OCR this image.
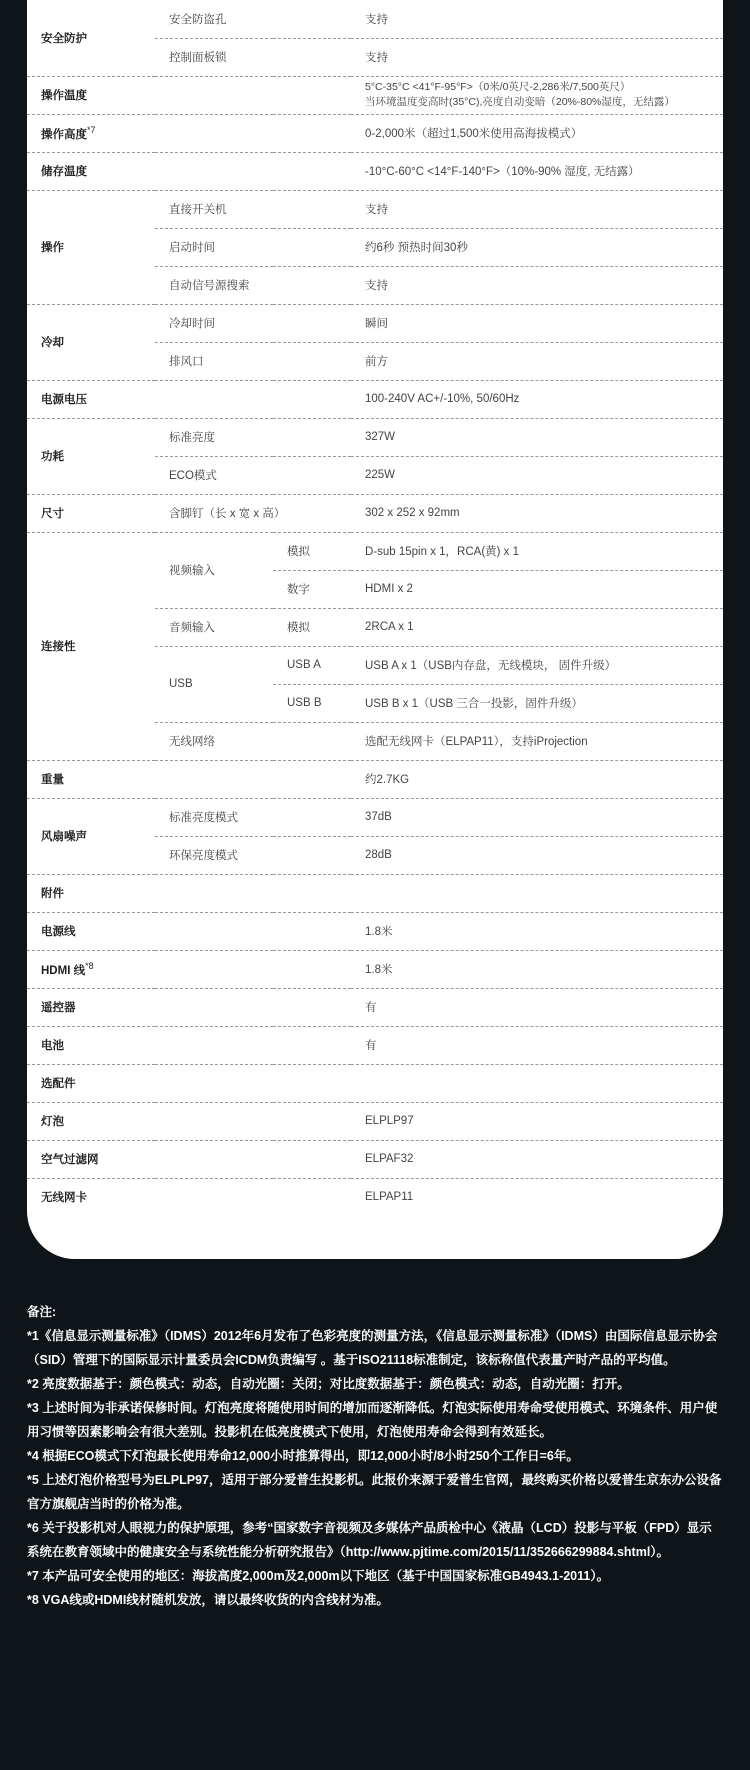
安全防护	安全防盗孔		支持
	控制面板锁		支持
操作温度			5°C-35°C <41°F-95°F>（0米/0英尺-2,286米/7,500英尺）
当环境温度变高时(35°C),亮度自动变暗（20%-80%湿度，无结露）

操作高度$^{*7}$			0-2,000米（超过1,500米使用高海拔模式）
储存温度			-10°C-60°C <14°F-140°F>（10%-90% 湿度, 无结露）
操作	直接开关机		支持
	启动时间		约6秒 预热时间30秒
	自动信号源搜索		支持
冷却	冷却时间		瞬间
	排风口		前方
电源电压			100-240V AC+/-10%, 50/60Hz
功耗	标准亮度		327W
	ECO模式		225W
尺寸	含脚钉（长 x 宽 x 高）		302 x 252 x 92mm
连接性	视频输入	模拟	D-sub 15pin x 1，RCA(黄) x 1
		数字	HDMI x 2
	音频输入	模拟	2RCA x 1
	USB	USB A	USB A x 1（USB内存盘，无线模块， 固件升级）
		USB B	USB B x 1（USB 三合一投影，固件升级）
	无线网络		选配无线网卡（ELPAP11），支持iProjection
重量			约2.7KG
风扇噪声	标准亮度模式		37dB
	环保亮度模式		28dB
附件			
电源线			1.8米
HDMI 线$^{*8}$			1.8米
遥控器			有
电池			有
选配件			
灯泡			ELPLP97
空气过滤网			ELPAF32
无线网卡			ELPAP11

备注:

*1《信息显示测量标准》（IDMS）2012年6月发布了色彩亮度的测量方法，《信息显示测量标准》（IDMS）由国际信息显示协会（SID）管理下的国际显示计量委员会ICDM负责编写 。基于ISO21118标准制定，该标称值代表量产时产品的平均值。

*2 亮度数据基于：颜色模式：动态，自动光圈：关闭；对比度数据基于：颜色模式：动态，自动光圈：打开。

*3 上述时间为非承诺保修时间。灯泡亮度将随使用时间的增加而逐渐降低。灯泡实际使用寿命受使用模式、环境条件、用户使用习惯等因素影响会有很大差别。投影机在低亮度模式下使用，灯泡使用寿命会得到有效延长。

*4 根据ECO模式下灯泡最长使用寿命12,000小时推算得出，即12,000小时/8小时250个工作日=6年。

*5 上述灯泡价格型号为ELPLP97，适用于部分爱普生投影机。此报价来源于爱普生官网，最终购买价格以爱普生京东办公设备官方旗舰店当时的价格为准。

*6 关于投影机对人眼视力的保护原理，参考“国家数字音视频及多媒体产品质检中心《液晶（LCD）投影与平板（FPD）显示系统在教育领域中的健康安全与系统性能分析研究报告》（http://www.pjtime.com/2015/11/352666299884.shtml）。

*7 本产品可安全使用的地区：海拔高度2,000m及2,000m以下地区（基于中国国家标准GB4943.1-2011）。

*8 VGA线或HDMI线材随机发放，请以最终收货的内含线材为准。
